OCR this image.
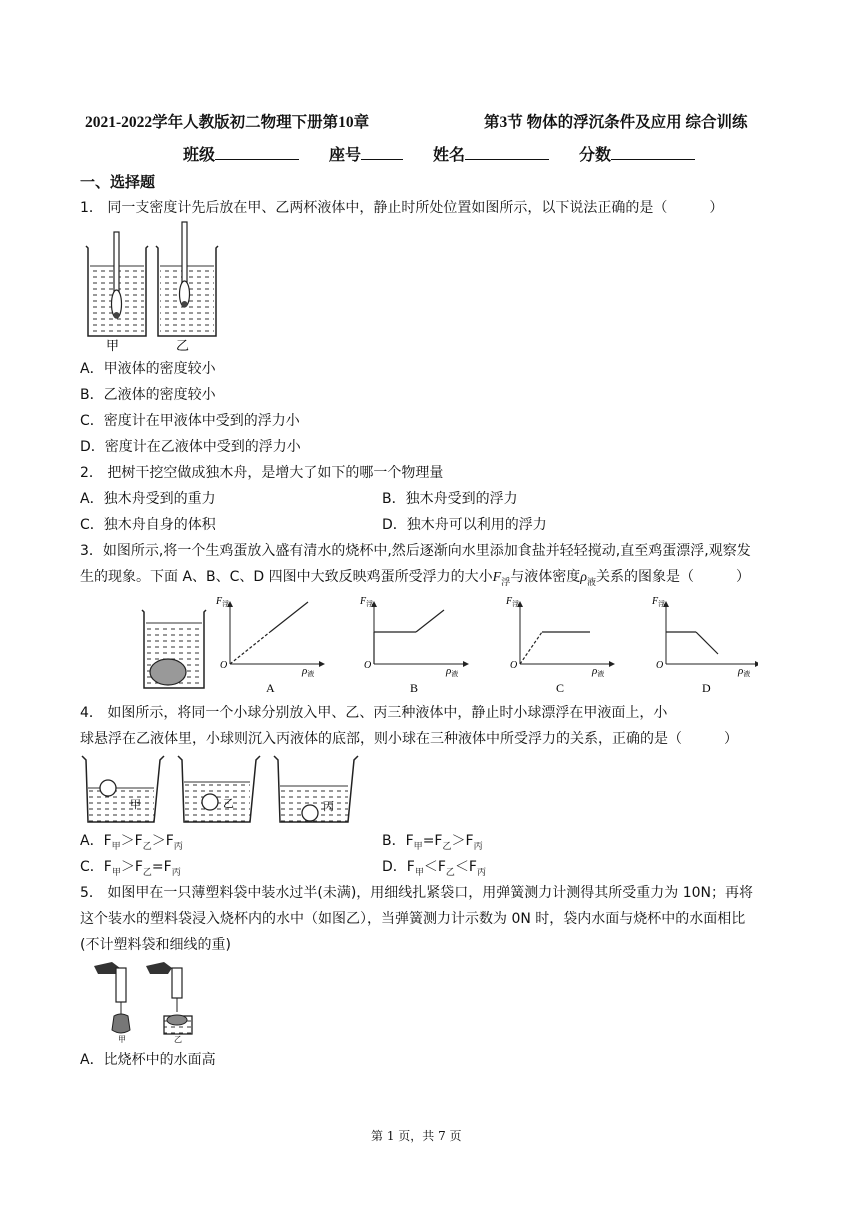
2021-2022学年人教版初二物理下册第10章	第3节 物体的浮沉条件及应用 综合训练
班级	座号	姓名	分数
一、选择题
1． 同一支密度计先后放在甲、乙两杯液体中，静止时所处位置如图所示，以下说法正确的是（　　　）
甲	乙
A．甲液体的密度较小
B．乙液体的密度较小
C．密度计在甲液体中受到的浮力小
D．密度计在乙液体中受到的浮力小
2． 把树干挖空做成独木舟，是增大了如下的哪一个物理量
A．独木舟受到的重力	B．独木舟受到的浮力
C．独木舟自身的体积	D．独木舟可以利用的浮力
3．如图所示,将一个生鸡蛋放入盛有清水的烧杯中,然后逐渐向水里添加食盐并轻轻搅动,直至鸡蛋漂浮,观察发
生的现象。下面 A、B、C、D 四图中大致反映鸡蛋所受浮力的大小$F_浮$与液体密度$\rho_液$关系的图象是（　　　）
$F_浮$
ρ液
O
A
$F_浮$
ρ液
O
B
$F_浮$
ρ液
O
C
$F_浮$
ρ液
O
D
4． 如图所示，将同一个小球分别放入甲、乙、丙三种液体中，静止时小球漂浮在甲液面上，小
球悬浮在乙液体里，小球则沉入丙液体的底部，则小球在三种液体中所受浮力的关系，正确的是（　　　）
甲	乙	丙
A．$F_甲>F_乙>F_丙$	B．$F_甲=F_乙>F_丙$
C．$F_甲>F_乙=F_丙$	D．$F_甲<F_乙<F_丙$
5． 如图甲在一只薄塑料袋中装水过半(未满)，用细线扎紧袋口，用弹簧测力计测得其所受重力为 10N；再将
这个装水的塑料袋浸入烧杯内的水中（如图乙），当弹簧测力计示数为 0N 时，袋内水面与烧杯中的水面相比
(不计塑料袋和细线的重)
甲	乙
A．比烧杯中的水面高
第 1 页，共 7 页
